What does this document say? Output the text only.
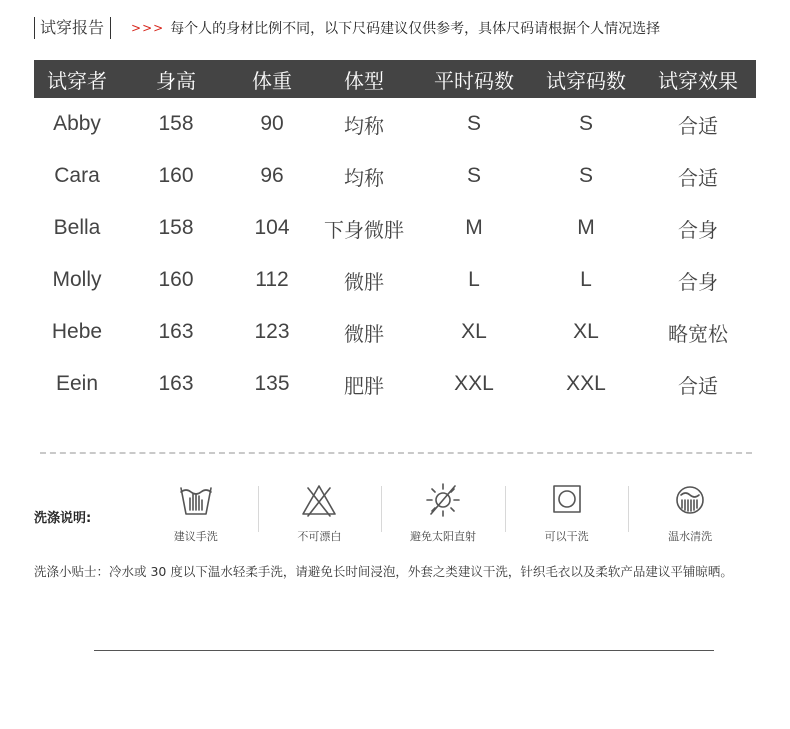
试穿报告	>>> 每个人的身材比例不同，以下尺码建议仅供参考，具体尺码请根据个人情况选择
试穿者	身高	体重	体型	平时码数	试穿码数	试穿效果
Abby	158	90	均称	S	S	合适
Cara	160	96	均称	S	S	合适
Bella	158	104	下身微胖	M	M	合身
Molly	160	112	微胖	L	L	合身
Hebe	163	123	微胖	XL	XL	略宽松
Eein	163	135	肥胖	XXL	XXL	合适
洗涤说明:
建议手洗	不可漂白	避免太阳直射	可以干洗	温水清洗
洗涤小贴士：冷水或 30 度以下温水轻柔手洗，请避免长时间浸泡，外套之类建议干洗，针织毛衣以及柔软产品建议平铺晾晒。
